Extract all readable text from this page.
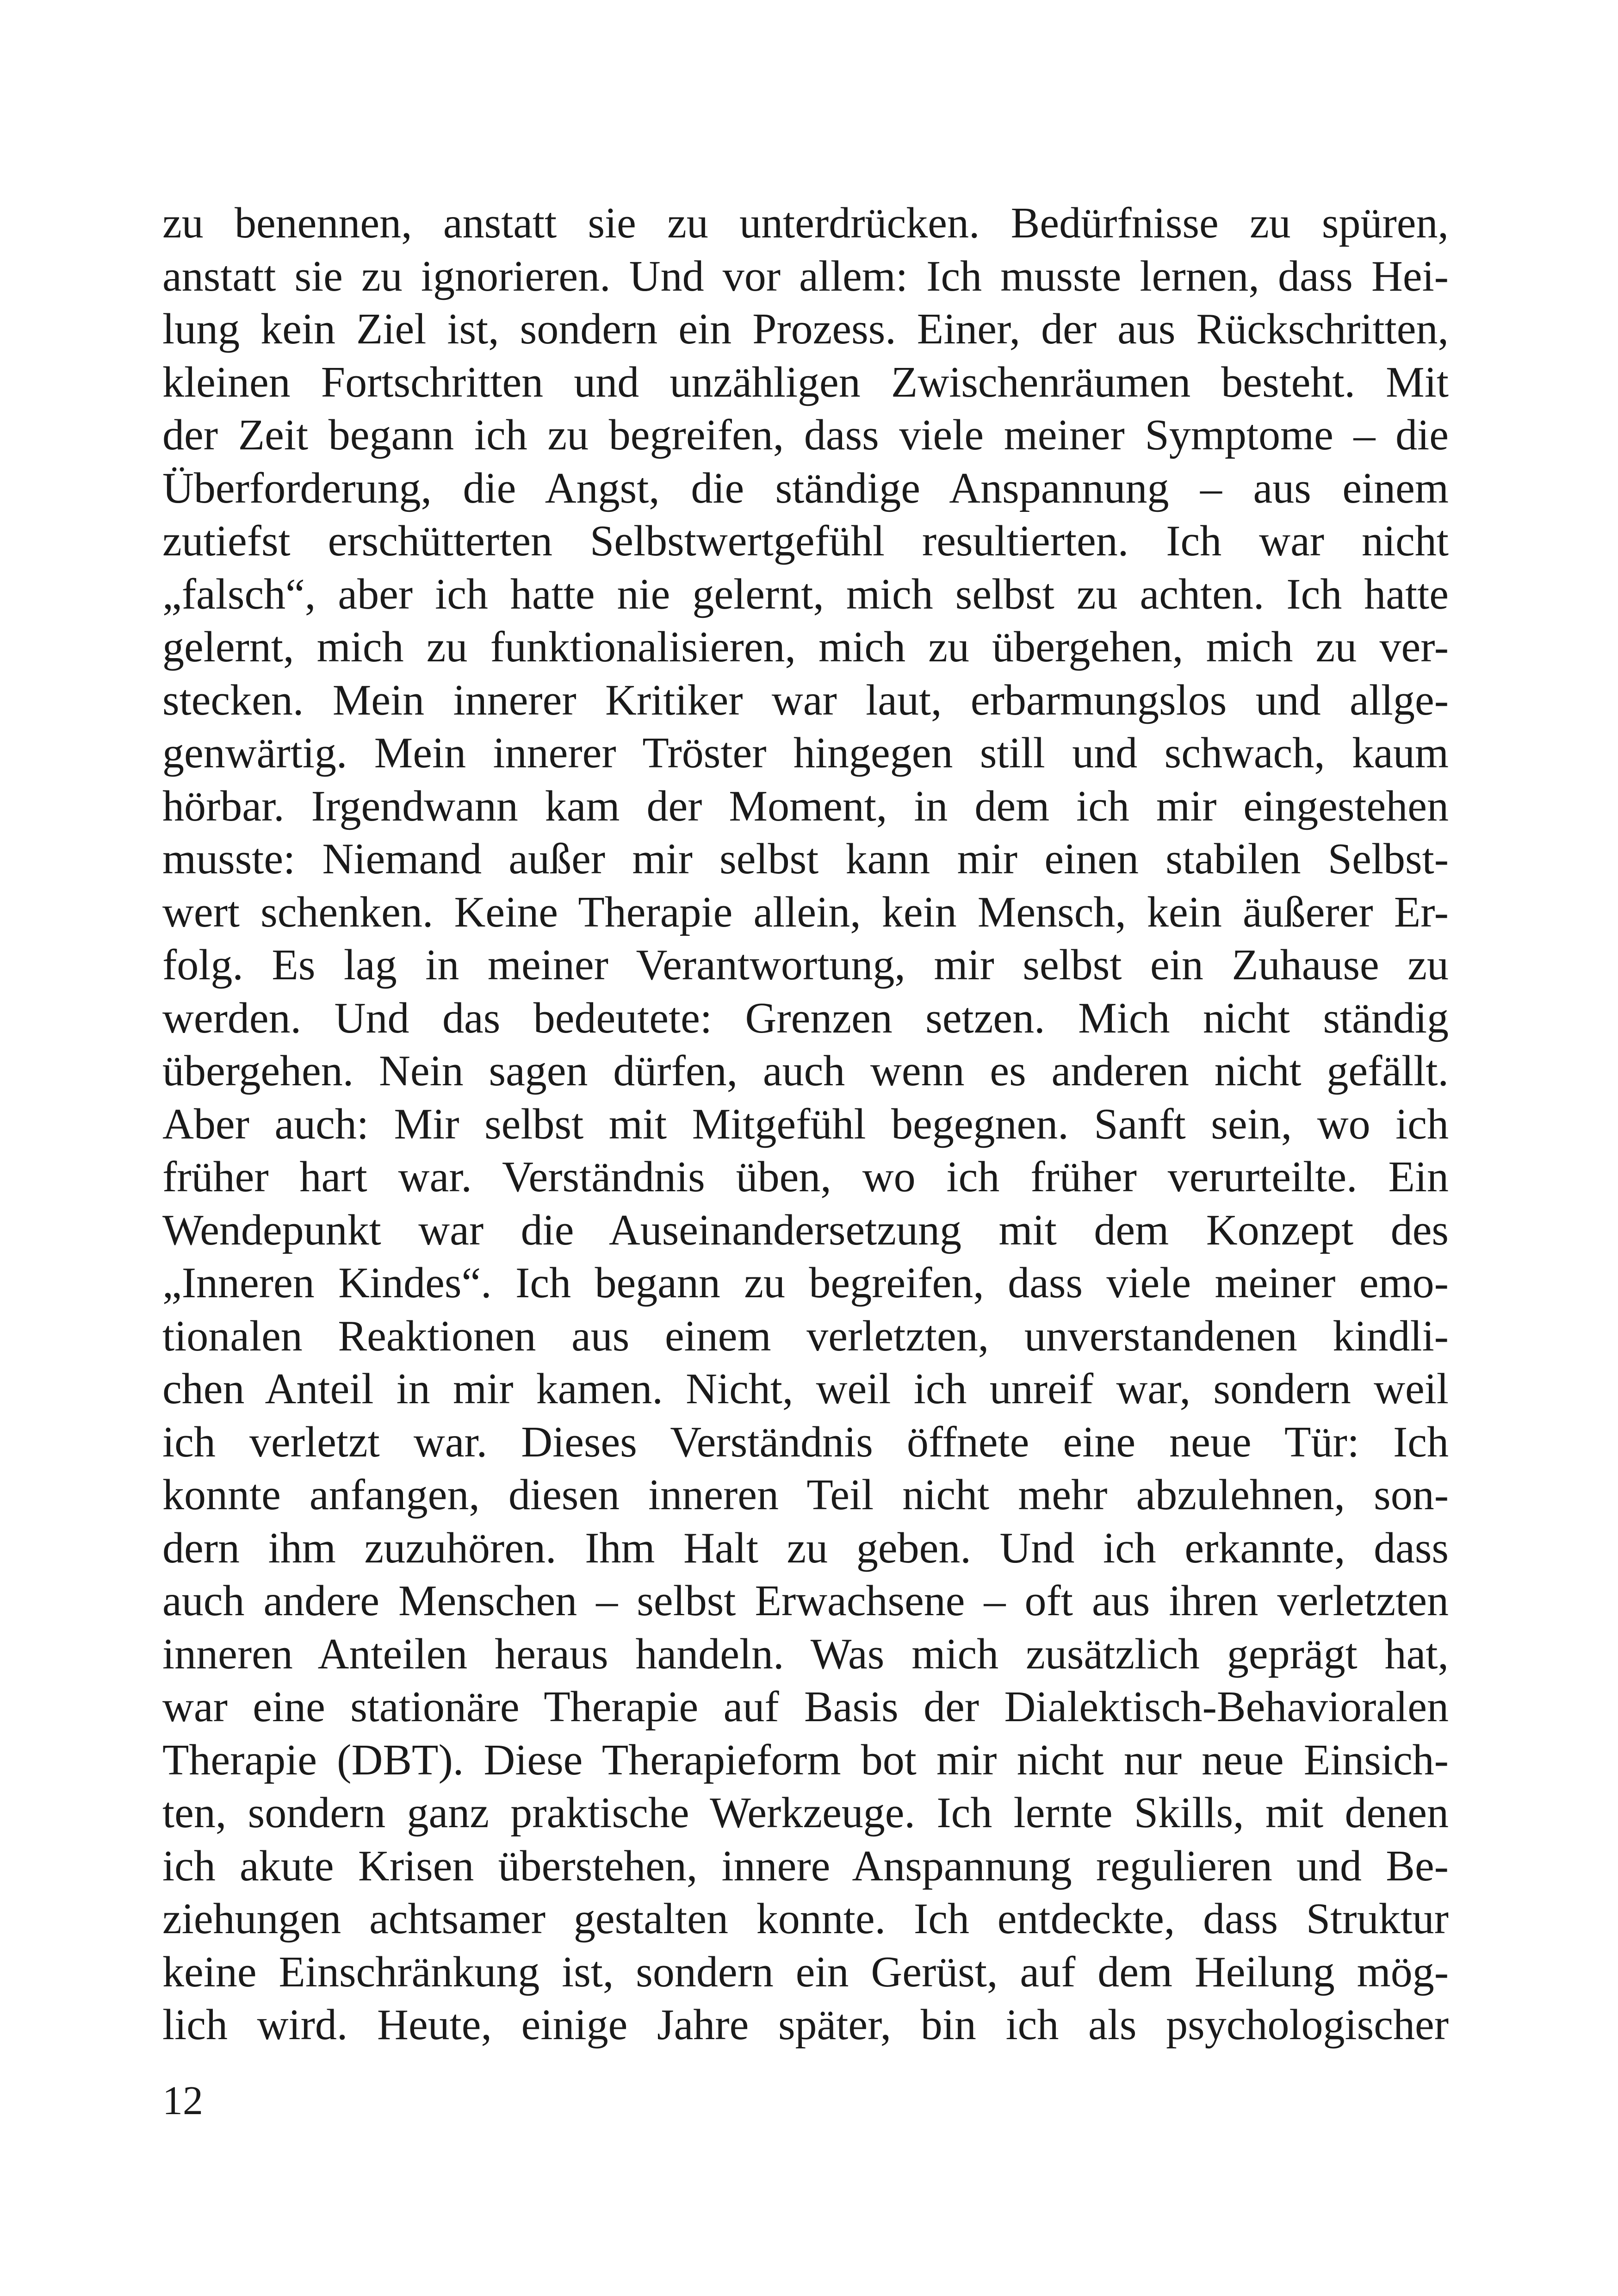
zu benennen, anstatt sie zu unterdrücken. Bedürfnisse zu spüren,
anstatt sie zu ignorieren. Und vor allem: Ich musste lernen, dass Hei-
lung kein Ziel ist, sondern ein Prozess. Einer, der aus Rückschritten,
kleinen Fortschritten und unzähligen Zwischenräumen besteht. Mit
der Zeit begann ich zu begreifen, dass viele meiner Symptome – die
Überforderung, die Angst, die ständige Anspannung – aus einem
zutiefst erschütterten Selbstwertgefühl resultierten. Ich war nicht
„falsch“, aber ich hatte nie gelernt, mich selbst zu achten. Ich hatte
gelernt, mich zu funktionalisieren, mich zu übergehen, mich zu ver-
stecken. Mein innerer Kritiker war laut, erbarmungslos und allge-
genwärtig. Mein innerer Tröster hingegen still und schwach, kaum
hörbar. Irgendwann kam der Moment, in dem ich mir eingestehen
musste: Niemand außer mir selbst kann mir einen stabilen Selbst-
wert schenken. Keine Therapie allein, kein Mensch, kein äußerer Er-
folg. Es lag in meiner Verantwortung, mir selbst ein Zuhause zu
werden. Und das bedeutete: Grenzen setzen. Mich nicht ständig
übergehen. Nein sagen dürfen, auch wenn es anderen nicht gefällt.
Aber auch: Mir selbst mit Mitgefühl begegnen. Sanft sein, wo ich
früher hart war. Verständnis üben, wo ich früher verurteilte. Ein
Wendepunkt war die Auseinandersetzung mit dem Konzept des
„Inneren Kindes“. Ich begann zu begreifen, dass viele meiner emo-
tionalen Reaktionen aus einem verletzten, unverstandenen kindli-
chen Anteil in mir kamen. Nicht, weil ich unreif war, sondern weil
ich verletzt war. Dieses Verständnis öffnete eine neue Tür: Ich
konnte anfangen, diesen inneren Teil nicht mehr abzulehnen, son-
dern ihm zuzuhören. Ihm Halt zu geben. Und ich erkannte, dass
auch andere Menschen – selbst Erwachsene – oft aus ihren verletzten
inneren Anteilen heraus handeln. Was mich zusätzlich geprägt hat,
war eine stationäre Therapie auf Basis der Dialektisch-Behavioralen
Therapie (DBT). Diese Therapieform bot mir nicht nur neue Einsich-
ten, sondern ganz praktische Werkzeuge. Ich lernte Skills, mit denen
ich akute Krisen überstehen, innere Anspannung regulieren und Be-
ziehungen achtsamer gestalten konnte. Ich entdeckte, dass Struktur
keine Einschränkung ist, sondern ein Gerüst, auf dem Heilung mög-
lich wird. Heute, einige Jahre später, bin ich als psychologischer
12
